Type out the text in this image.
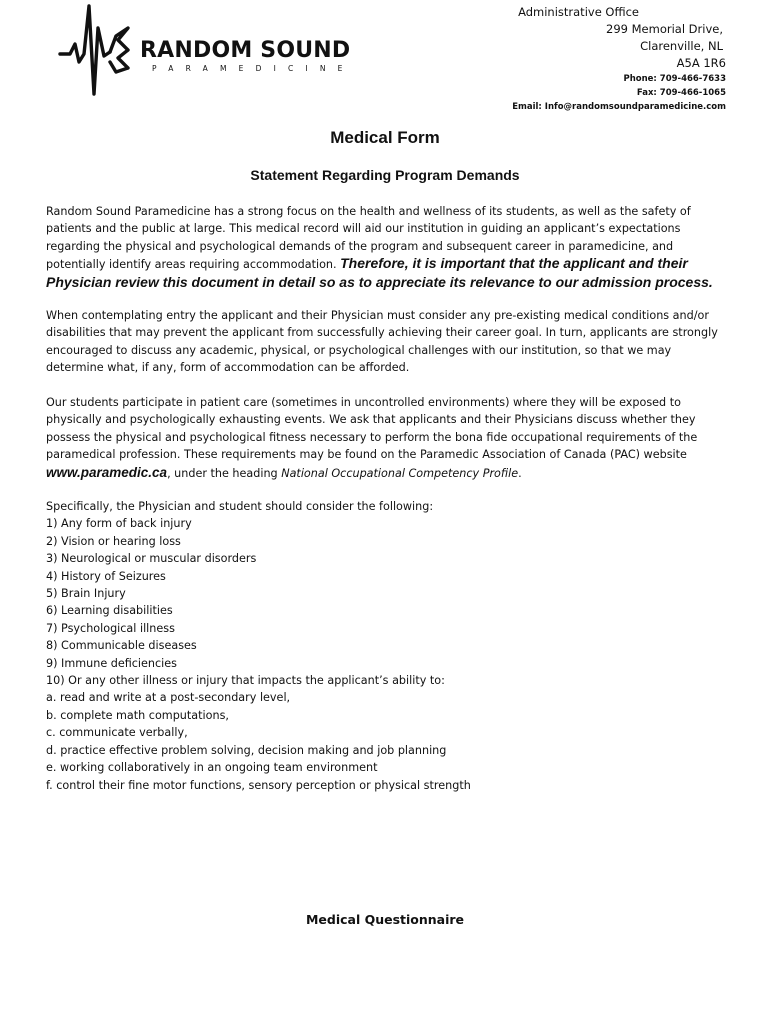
RANDOM SOUND
PARAMEDICINE
Administrative Office
299 Memorial Drive,
Clarenville, NL
A5A 1R6
Phone: 709-466-7633
Fax: 709-466-1065
Email: Info@randomsoundparamedicine.com
Medical Form
Statement Regarding Program Demands

Random Sound Paramedicine has a strong focus on the health and wellness of its students, as well as the safety of patients and the public at large. This medical record will aid our institution in guiding an applicant’s expectations regarding the physical and psychological demands of the program and subsequent career in paramedicine, and potentially identify areas requiring accommodation. Therefore, it is important that the applicant and their Physician review this document in detail so as to appreciate its relevance to our admission process.

When contemplating entry the applicant and their Physician must consider any pre-existing medical conditions and/or disabilities that may prevent the applicant from successfully achieving their career goal. In turn, applicants are strongly encouraged to discuss any academic, physical, or psychological challenges with our institution, so that we may determine what, if any, form of accommodation can be afforded.

Our students participate in patient care (sometimes in uncontrolled environments) where they will be exposed to physically and psychologically exhausting events. We ask that applicants and their Physicians discuss whether they possess the physical and psychological fitness necessary to perform the bona fide occupational requirements of the paramedical profession. These requirements may be found on the Paramedic Association of Canada (PAC) website www.paramedic.ca, under the heading National Occupational Competency Profile.

Specifically, the Physician and student should consider the following:

1) Any form of back injury
2) Vision or hearing loss
3) Neurological or muscular disorders
4) History of Seizures
5) Brain Injury
6) Learning disabilities
7) Psychological illness
8) Communicable diseases
9) Immune deficiencies
10) Or any other illness or injury that impacts the applicant’s ability to:
a. read and write at a post-secondary level,
b. complete math computations,
c. communicate verbally,
d. practice effective problem solving, decision making and job planning
e. working collaboratively in an ongoing team environment
f. control their fine motor functions, sensory perception or physical strength
Medical Questionnaire
